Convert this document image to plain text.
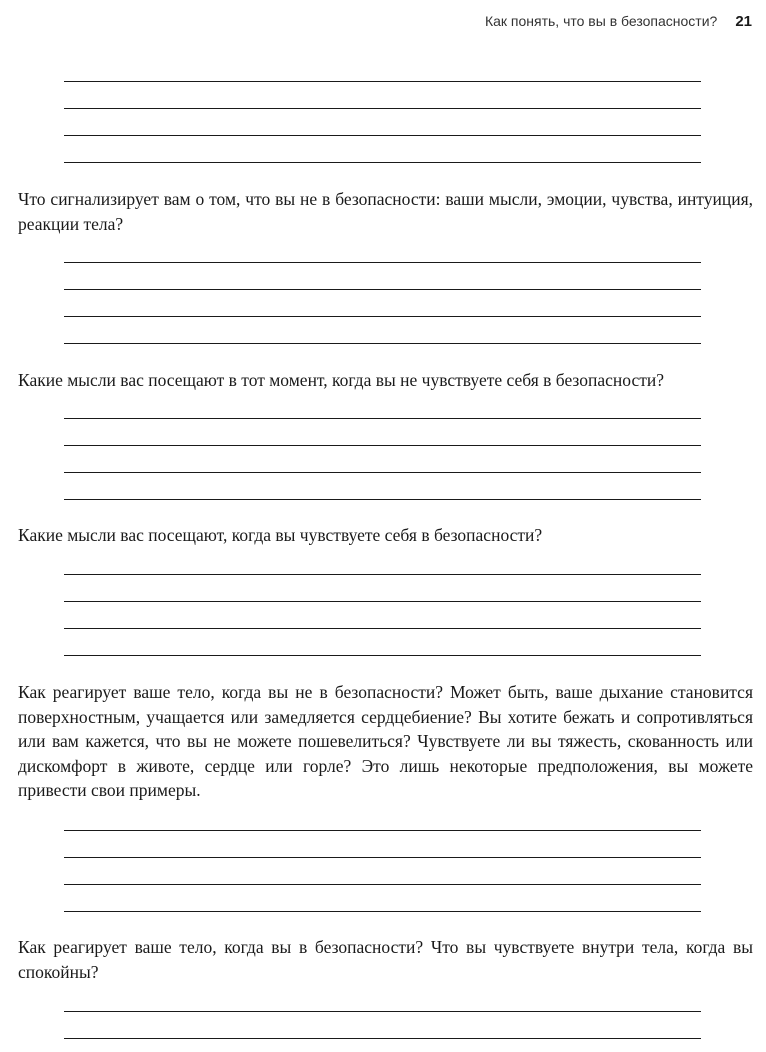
Как понять, что вы в безопасности? 21

Что сигнализирует вам о том, что вы не в безопасности: ваши мысли, эмоции, чувства, интуиция, реакции тела?

Какие мысли вас посещают в тот момент, когда вы не чувствуете себя в безопасности?

Какие мысли вас посещают, когда вы чувствуете себя в безопасности?

Как реагирует ваше тело, когда вы не в безопасности? Может быть, ваше дыхание становится поверхностным, учащается или замедляется сердцебиение? Вы хотите бежать и сопротивляться или вам кажется, что вы не можете пошевелиться? Чувствуете ли вы тяжесть, скованность или дискомфорт в животе, сердце или горле? Это лишь некоторые предположения, вы можете привести свои примеры.

Как реагирует ваше тело, когда вы в безопасности? Что вы чувствуете внутри тела, когда вы спокойны?
